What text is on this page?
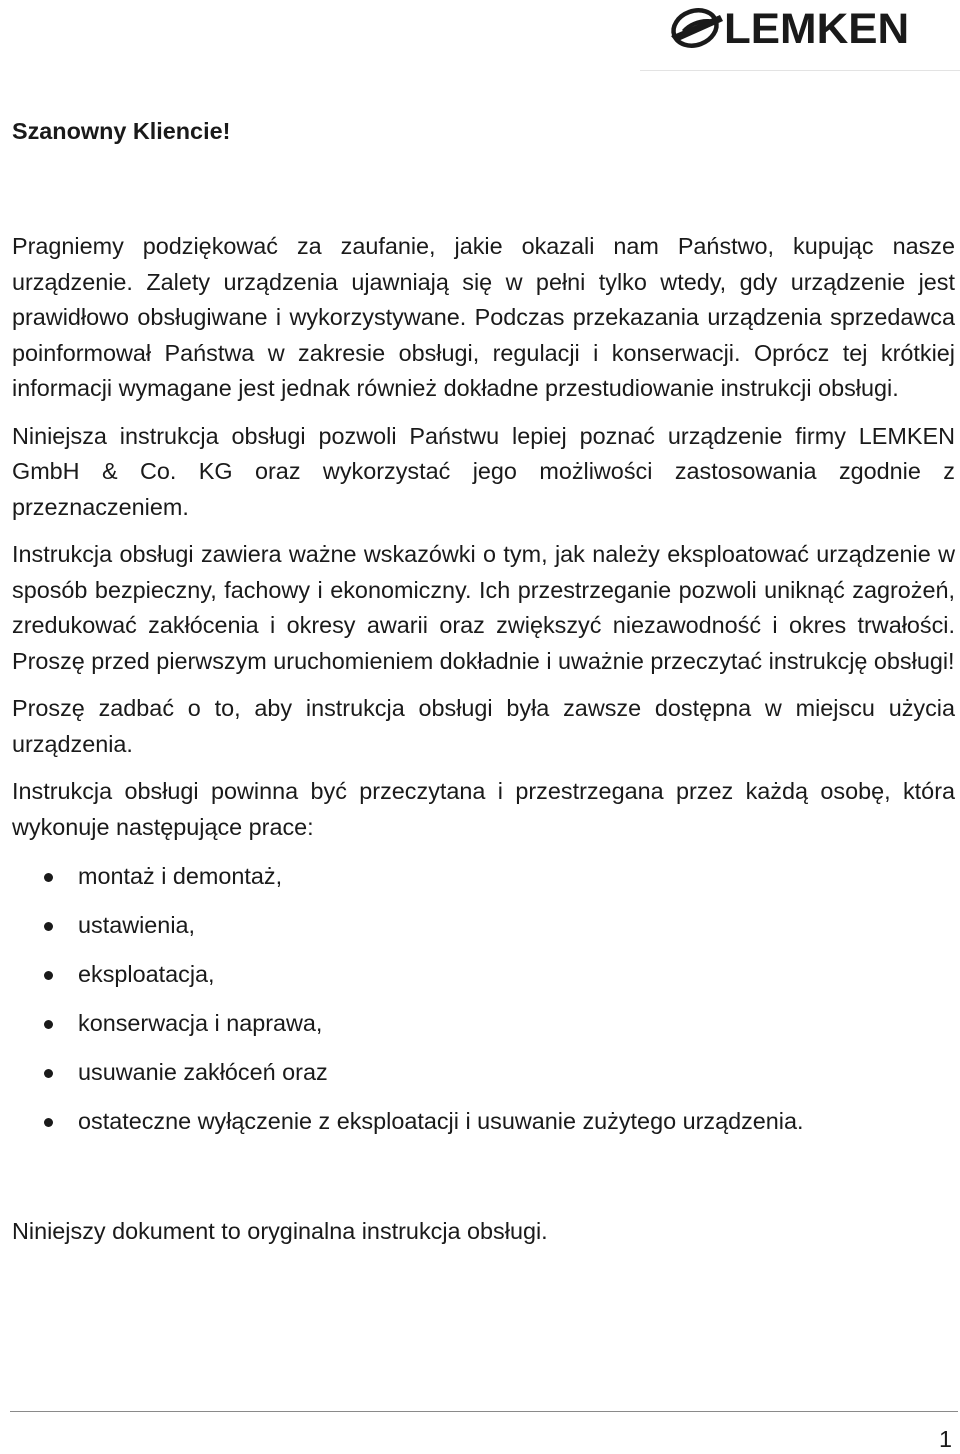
LEMKEN

Szanowny Kliencie!

Pragniemy podziękować za zaufanie, jakie okazali nam Państwo, kupując nasze urządzenie. Zalety urządzenia ujawniają się w pełni tylko wtedy, gdy urządzenie jest prawidłowo obsługiwane i wykorzystywane. Podczas przekazania urządzenia sprzedawca poinformował Państwa w zakresie obsługi, regulacji i konserwacji. Oprócz tej krótkiej informacji wymagane jest jednak również dokładne przestudiowanie instrukcji obsługi.

Niniejsza instrukcja obsługi pozwoli Państwu lepiej poznać urządzenie firmy LEMKEN GmbH & Co. KG oraz wykorzystać jego możliwości zastosowania zgodnie z przeznaczeniem.

Instrukcja obsługi zawiera ważne wskazówki o tym, jak należy eksploatować urządzenie w sposób bezpieczny, fachowy i ekonomiczny. Ich przestrzeganie pozwoli uniknąć zagrożeń, zredukować zakłócenia i okresy awarii oraz zwiększyć niezawodność i okres trwałości. Proszę przed pierwszym uruchomieniem dokładnie i uważnie przeczytać instrukcję obsługi!

Proszę zadbać o to, aby instrukcja obsługi była zawsze dostępna w miejscu użycia urządzenia.

Instrukcja obsługi powinna być przeczytana i przestrzegana przez każdą osobę, która wykonuje następujące prace:

montaż i demontaż,
ustawienia,
eksploatacja,
konserwacja i naprawa,
usuwanie zakłóceń oraz
ostateczne wyłączenie z eksploatacji i usuwanie zużytego urządzenia.

Niniejszy dokument to oryginalna instrukcja obsługi.

1
